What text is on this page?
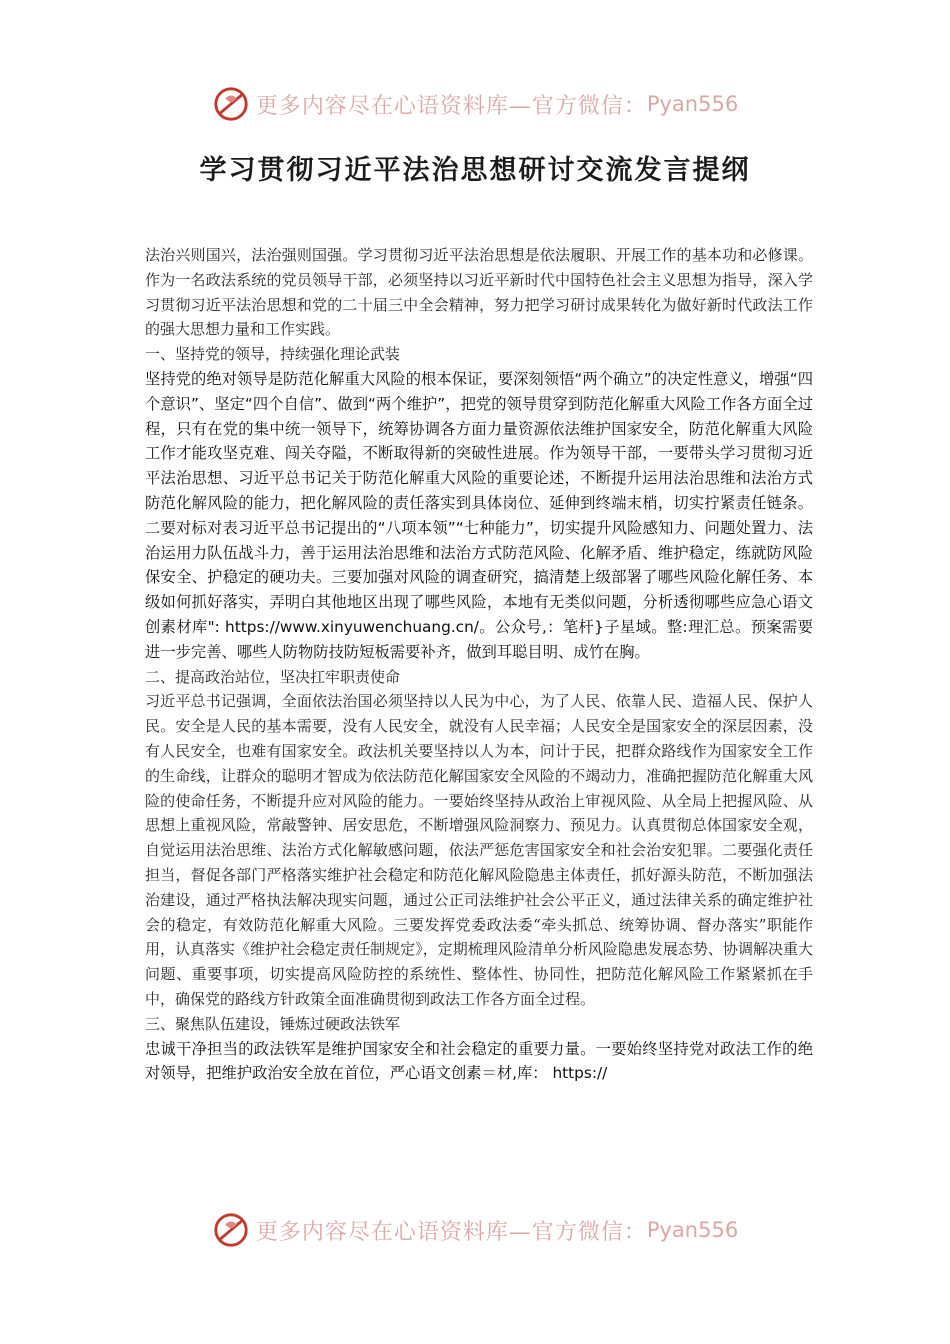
更多内容尽在心语资料库—官方微信： Pyan556
学习贯彻习近平法治思想研讨交流发言提纲

法治兴则国兴，法治强则国强。学习贯彻习近平法治思想是依法履职、开展工作的基本功和必修课。作为一名政法系统的党员领导干部，必须坚持以习近平新时代中国特色社会主义思想为指导，深入学习贯彻习近平法治思想和党的二十届三中全会精神，努力把学习研讨成果转化为做好新时代政法工作的强大思想力量和工作实践。

一、坚持党的领导，持续强化理论武装

坚持党的绝对领导是防范化解重大风险的根本保证，要深刻领悟“两个确立”的决定性意义，增强“四个意识”、坚定“四个自信”、做到“两个维护”，把党的领导贯穿到防范化解重大风险工作各方面全过程，只有在党的集中统一领导下，统筹协调各方面力量资源依法维护国家安全，防范化解重大风险工作才能攻坚克难、闯关夺隘，不断取得新的突破性进展。作为领导干部，一要带头学习贯彻习近平法治思想、习近平总书记关于防范化解重大风险的重要论述，不断提升运用法治思维和法治方式防范化解风险的能力，把化解风险的责任落实到具体岗位、延伸到终端末梢，切实拧紧责任链条。二要对标对表习近平总书记提出的“八项本领”“七种能力”，切实提升风险感知力、问题处置力、法治运用力队伍战斗力，善于运用法治思维和法治方式防范风险、化解矛盾、维护稳定，练就防风险保安全、护稳定的硬功夫。三要加强对风险的调查研究，搞清楚上级部署了哪些风险化解任务、本级如何抓好落实，弄明白其他地区出现了哪些风险，本地有无类似问题，分析透彻哪些应急心语文创素材库": https://www.xinyuwenchuang.cn/。公众号,：笔杆}子星域。整:理汇总。预案需要进一步完善、哪些人防物防技防短板需要补齐，做到耳聪目明、成竹在胸。

二、提高政治站位，坚决扛牢职责使命

习近平总书记强调，全面依法治国必须坚持以人民为中心，为了人民、依靠人民、造福人民、保护人民。安全是人民的基本需要，没有人民安全，就没有人民幸福；人民安全是国家安全的深层因素，没有人民安全，也难有国家安全。政法机关要坚持以人为本，问计于民，把群众路线作为国家安全工作的生命线，让群众的聪明才智成为依法防范化解国家安全风险的不竭动力，准确把握防范化解重大风险的使命任务，不断提升应对风险的能力。一要始终坚持从政治上审视风险、从全局上把握风险、从思想上重视风险，常敲警钟、居安思危，不断增强风险洞察力、预见力。认真贯彻总体国家安全观，自觉运用法治思维、法治方式化解敏感问题，依法严惩危害国家安全和社会治安犯罪。二要强化责任担当，督促各部门严格落实维护社会稳定和防范化解风险隐患主体责任，抓好源头防范，不断加强法治建设，通过严格执法解决现实问题，通过公正司法维护社会公平正义，通过法律关系的确定维护社会的稳定，有效防范化解重大风险。三要发挥党委政法委“牵头抓总、统筹协调、督办落实”职能作用，认真落实《维护社会稳定责任制规定》，定期梳理风险清单分析风险隐患发展态势、协调解决重大问题、重要事项，切实提高风险防控的系统性、整体性、协同性，把防范化解风险工作紧紧抓在手中，确保党的路线方针政策全面准确贯彻到政法工作各方面全过程。

三、聚焦队伍建设，锤炼过硬政法铁军

忠诚干净担当的政法铁军是维护国家安全和社会稳定的重要力量。一要始终坚持党对政法工作的绝对领导，把维护政治安全放在首位，严心语文创素＝材,库： https://

更多内容尽在心语资料库—官方微信： Pyan556
